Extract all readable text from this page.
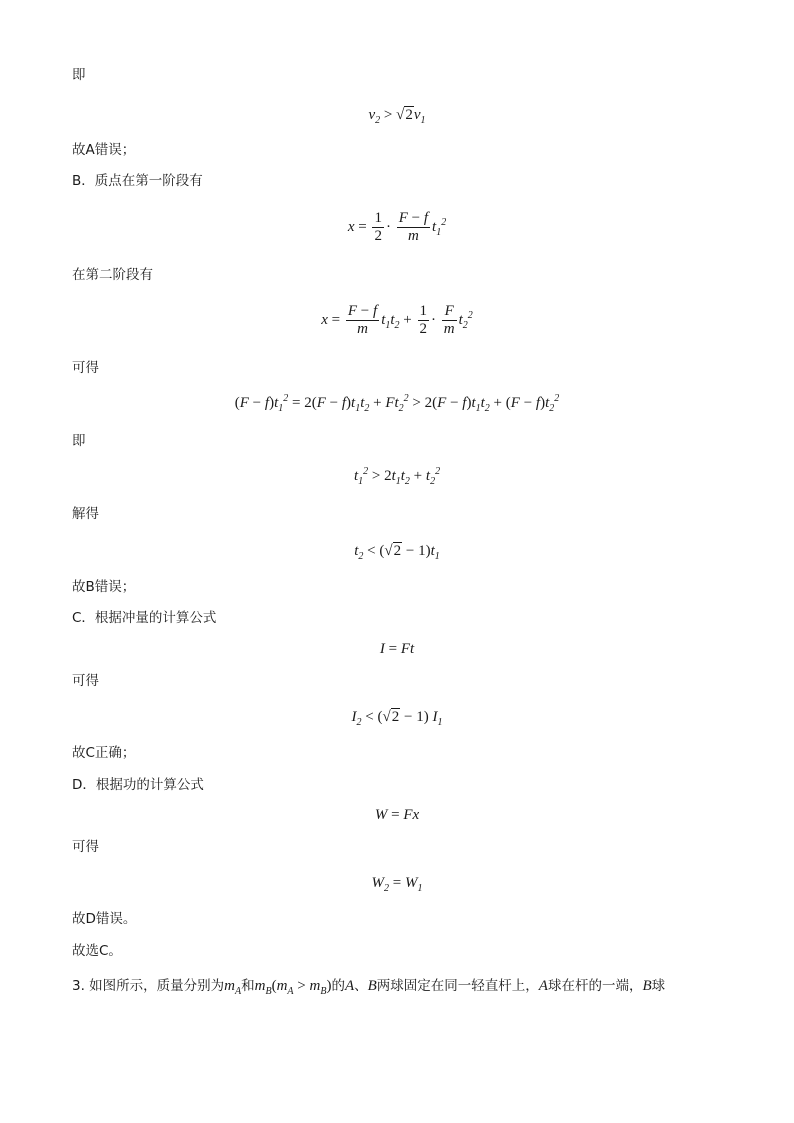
即
$v_2 > √2v_1$
故A错误；
B．质点在第一阶段有
$x = \frac{1}{2} \cdot \frac{F - f}{m} t_1^2$
在第二阶段有
$x = \frac{F - f}{m} t_1t_2 + \frac{1}{2} \cdot \frac{F}{m} t_2^2$
可得
$(F - f)t_1^2 = 2(F - f)t_1t_2 + Ft_2^2 > 2(F - f)t_1t_2 + (F - f)t_2^2$
即
$t_1^2 > 2t_1t_2 + t_2^2$
解得
$t_2 < (√2 - 1)t_1$
故B错误；
C．根据冲量的计算公式
I = Ft
可得
$I_2 < (√2 - 1)$ $I_1$
故C正确；
D．根据功的计算公式
W = Fx
可得
$W_2 = W_1$
故D错误。
故选C。
3. 如图所示，质量分别为$m_A$和$m_B(m_A > m_B)$的A、B两球固定在同一轻直杆上，A球在杆的一端，B球
